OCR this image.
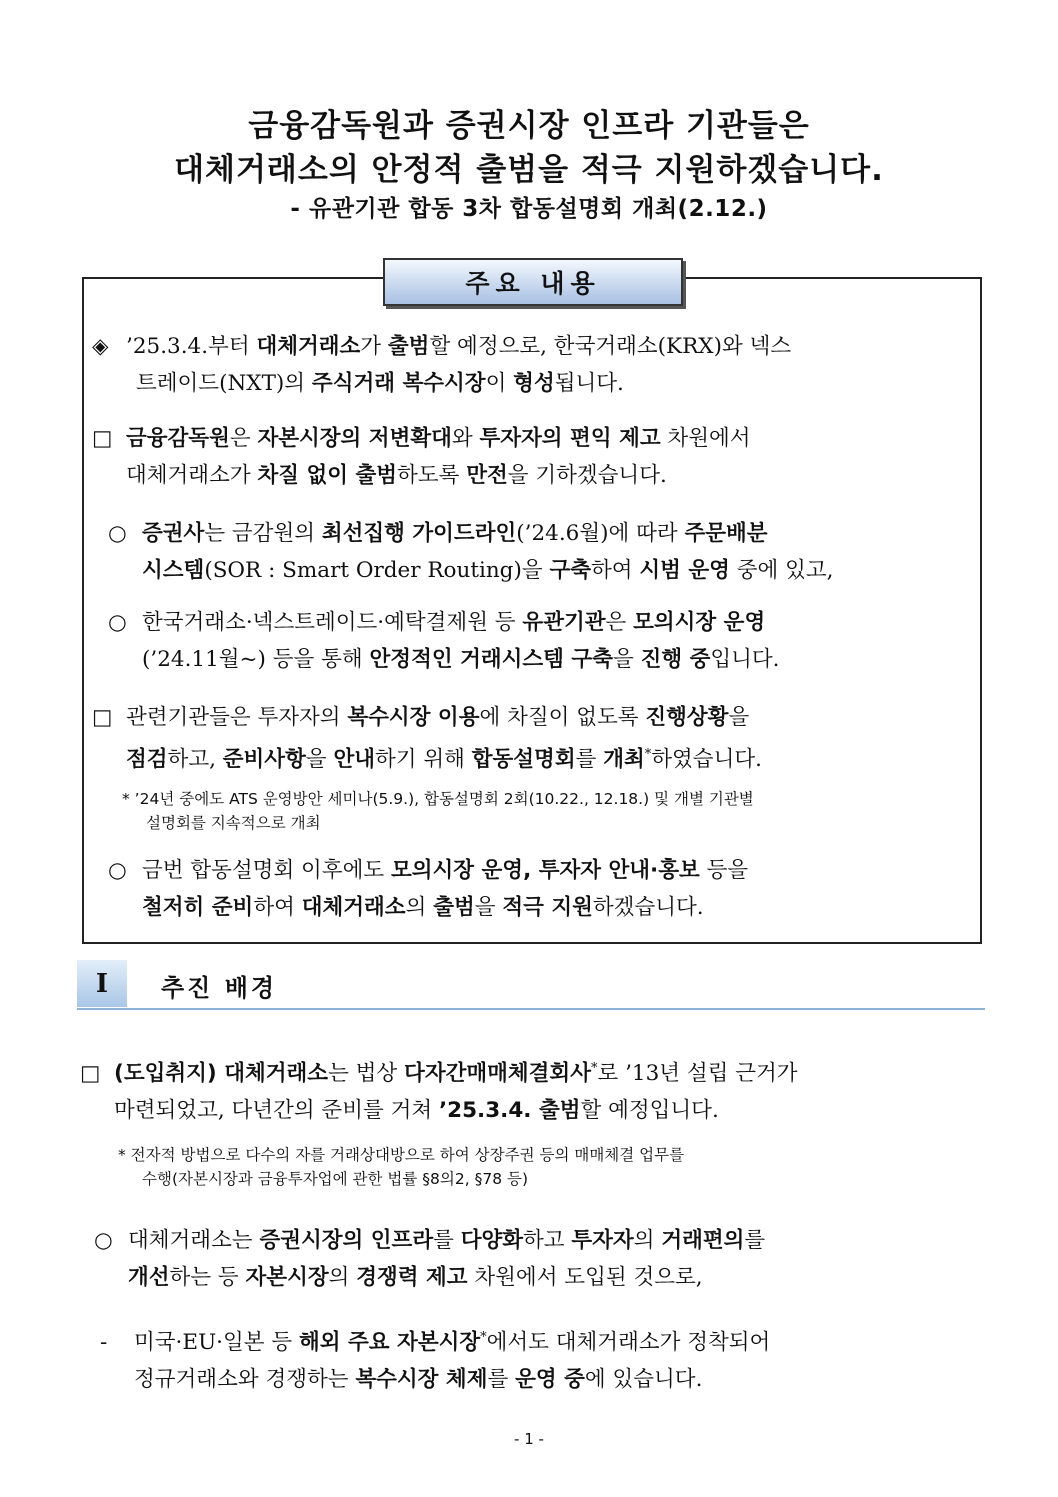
금융감독원과 증권시장 인프라 기관들은
대체거래소의 안정적 출범을 적극 지원하겠습니다.
- 유관기관 합동 3차 합동설명회 개최(2.12.)
주요 내용
◈ ’25.3.4.부터 대체거래소가 출범할 예정으로, 한국거래소(KRX)와 넥스
트레이드(NXT)의 주식거래 복수시장이 형성됩니다.
□ 금융감독원은 자본시장의 저변확대와 투자자의 편익 제고 차원에서
대체거래소가 차질 없이 출범하도록 만전을 기하겠습니다.
○ 증권사는 금감원의 최선집행 가이드라인(’24.6월)에 따라 주문배분
시스템(SOR : Smart Order Routing)을 구축하여 시범 운영 중에 있고,
○ 한국거래소·넥스트레이드·예탁결제원 등 유관기관은 모의시장 운영
(’24.11월~) 등을 통해 안정적인 거래시스템 구축을 진행 중입니다.
□ 관련기관들은 투자자의 복수시장 이용에 차질이 없도록 진행상황을
점검하고, 준비사항을 안내하기 위해 합동설명회를 개최*하였습니다.
* ’24년 중에도 ATS 운영방안 세미나(5.9.), 합동설명회 2회(10.22., 12.18.) 및 개별 기관별
설명회를 지속적으로 개최
○ 금번 합동설명회 이후에도 모의시장 운영, 투자자 안내·홍보 등을
철저히 준비하여 대체거래소의 출범을 적극 지원하겠습니다.
I	추진 배경
□ (도입취지) 대체거래소는 법상 다자간매매체결회사*로 ’13년 설립 근거가
마련되었고, 다년간의 준비를 거쳐 ’25.3.4. 출범할 예정입니다.
* 전자적 방법으로 다수의 자를 거래상대방으로 하여 상장주권 등의 매매체결 업무를
수행(자본시장과 금융투자업에 관한 법률 §8의2, §78 등)
○ 대체거래소는 증권시장의 인프라를 다양화하고 투자자의 거래편의를
개선하는 등 자본시장의 경쟁력 제고 차원에서 도입된 것으로,
- 미국·EU·일본 등 해외 주요 자본시장*에서도 대체거래소가 정착되어
정규거래소와 경쟁하는 복수시장 체제를 운영 중에 있습니다.
- 1 -
